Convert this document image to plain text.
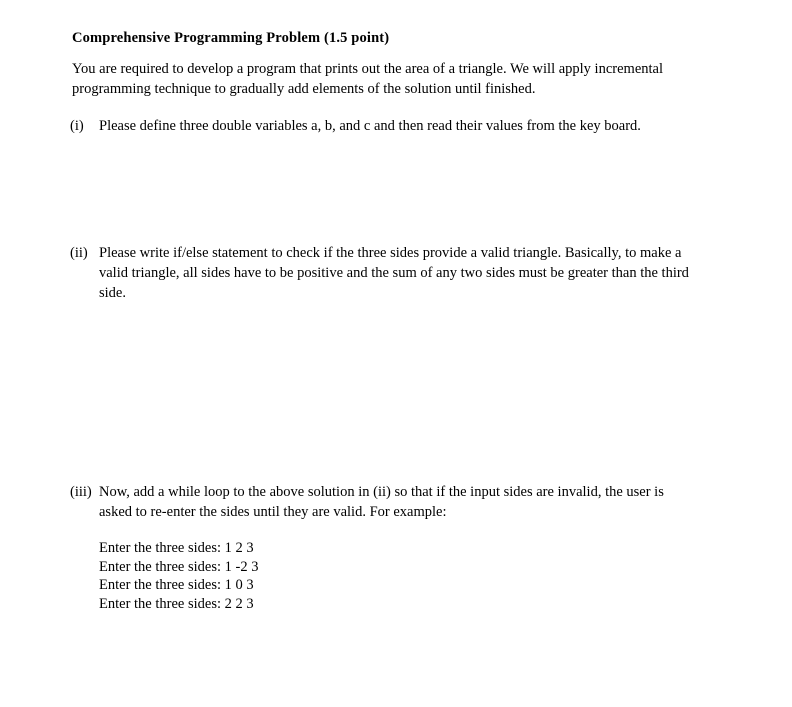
Comprehensive Programming Problem (1.5 point)
You are required to develop a program that prints out the area of a triangle. We will apply incremental programming technique to gradually add elements of the solution until finished.
(i)	Please define three double variables a, b, and c and then read their values from the key board.
(ii) Please write if/else statement to check if the three sides provide a valid triangle. Basically, to make a valid triangle, all sides have to be positive and the sum of any two sides must be greater than the third side.
(iii) Now, add a while loop to the above solution in (ii) so that if the input sides are invalid, the user is asked to re-enter the sides until they are valid. For example:
Enter the three sides: 1 2 3
Enter the three sides: 1 -2 3
Enter the three sides: 1 0 3
Enter the three sides: 2 2 3
